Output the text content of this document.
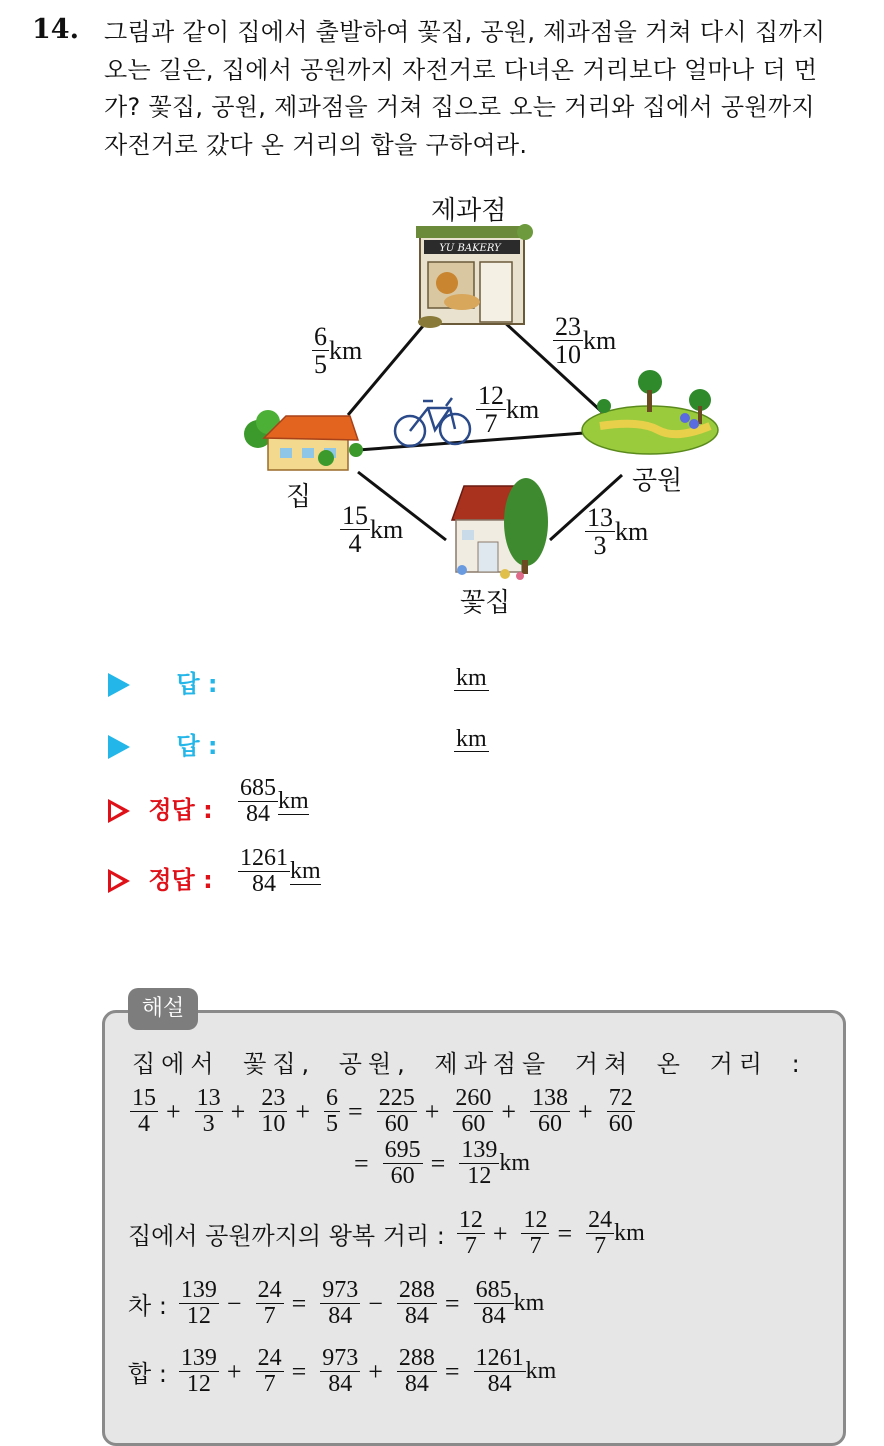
14. 그림과 같이 집에서 출발하여 꽃집, 공원, 제과점을 거쳐 다시 집까지
오는 길은, 집에서 공원까지 자전거로 다녀온 거리보다 얼마나 더 먼
가? 꽃집, 공원, 제과점을 거쳐 집으로 오는 거리와 집에서 공원까지
자전거로 갔다 온 거리의 합을 구하여라.
YU BAKERY
제과점
집
공원
꽃집
$\frac{6}{5}$ km	$\frac{23}{10}$ km
$\frac{12}{7}$ km
$\frac{15}{4}$ km	$\frac{13}{3}$ km
답 :	km
답 :	km
정답 : $\frac{685}{84}$ km
정답 : $\frac{1261}{84}$ km
해설
집에서 꽃집, 공원, 제과점을 거쳐 온 거리 :
$\frac{15}{4} + \frac{13}{3} + \frac{23}{10} + \frac{6}{5} = \frac{225}{60} + \frac{260}{60} + \frac{138}{60} + \frac{72}{60}$
= $\frac{695}{60} = \frac{139}{12}$ km
집에서 공원까지의 왕복 거리 : $\frac{12}{7} + \frac{12}{7} = \frac{24}{7}$ km
차 : $\frac{139}{12} - \frac{24}{7} = \frac{973}{84} - \frac{288}{84} = \frac{685}{84}$ km
합 : $\frac{139}{12} + \frac{24}{7} = \frac{973}{84} + \frac{288}{84} = \frac{1261}{84}$ km
